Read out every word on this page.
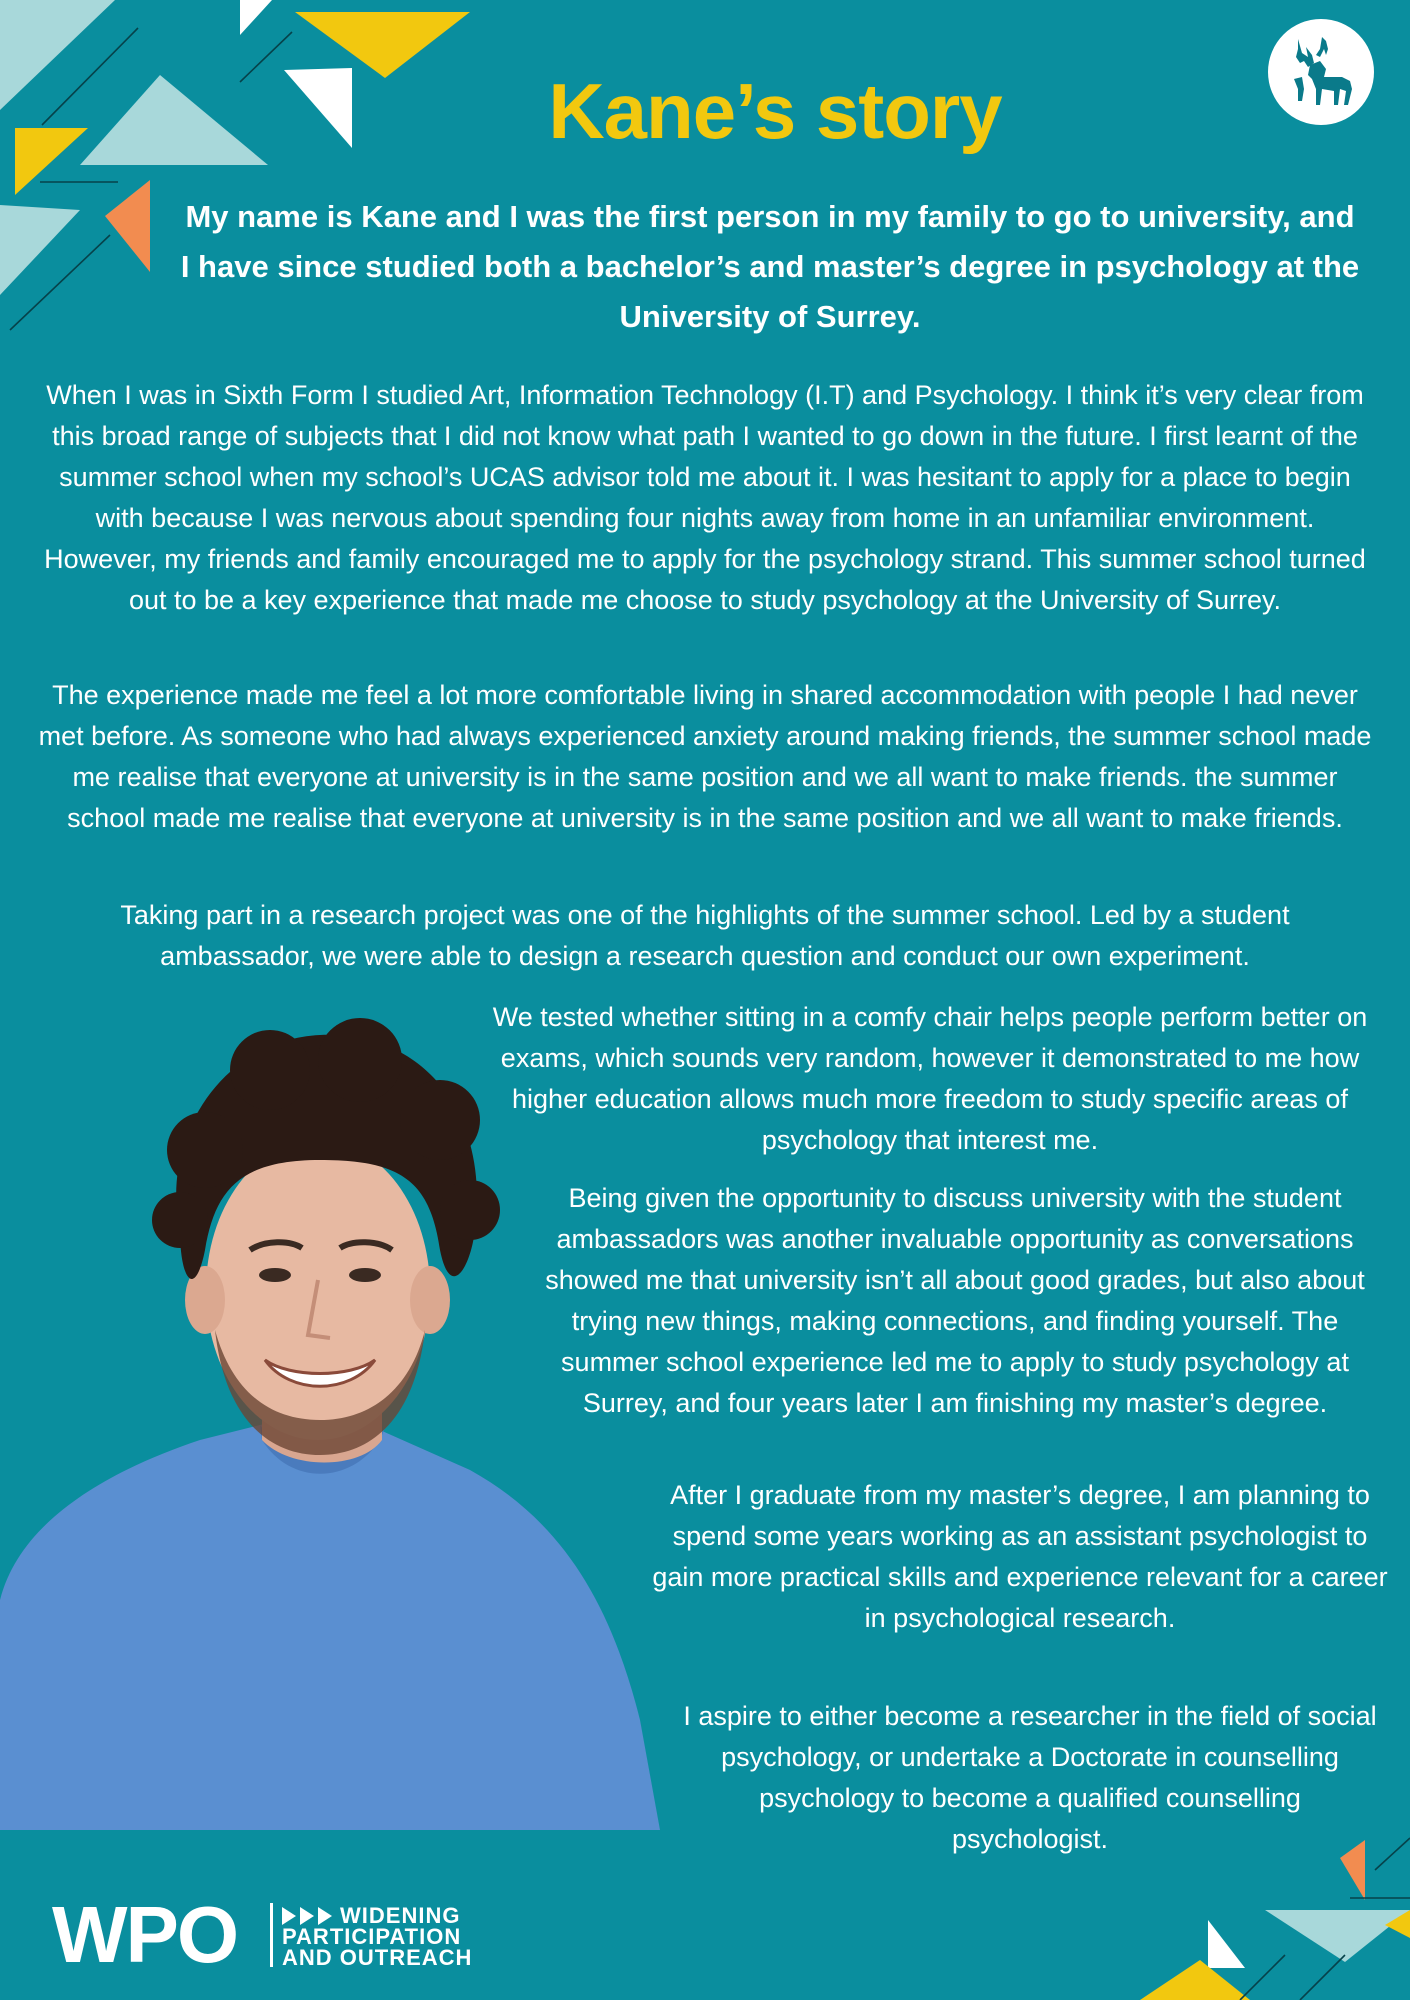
Kane’s story

My name is Kane and I was the first person in my family to go to university, and I have since studied both a bachelor’s and master’s degree in psychology at the University of Surrey.

When I was in Sixth Form I studied Art, Information Technology (I.T) and Psychology. I think it’s very clear from this broad range of subjects that I did not know what path I wanted to go down in the future. I first learnt of the summer school when my school’s UCAS advisor told me about it. I was hesitant to apply for a place to begin with because I was nervous about spending four nights away from home in an unfamiliar environment. However, my friends and family encouraged me to apply for the psychology strand. This summer school turned out to be a key experience that made me choose to study psychology at the University of Surrey.

The experience made me feel a lot more comfortable living in shared accommodation with people I had never met before. As someone who had always experienced anxiety around making friends, the summer school made me realise that everyone at university is in the same position and we all want to make friends. the summer school made me realise that everyone at university is in the same position and we all want to make friends.

Taking part in a research project was one of the highlights of the summer school. Led by a student ambassador, we were able to design a research question and conduct our own experiment.

We tested whether sitting in a comfy chair helps people perform better on exams, which sounds very random, however it demonstrated to me how higher education allows much more freedom to study specific areas of psychology that interest me.

Being given the opportunity to discuss university with the student ambassadors was another invaluable opportunity as conversations showed me that university isn’t all about good grades, but also about trying new things, making connections, and finding yourself. The summer school experience led me to apply to study psychology at Surrey, and four years later I am finishing my master’s degree.

After I graduate from my master’s degree, I am planning to spend some years working as an assistant psychologist to gain more practical skills and experience relevant for a career in psychological research.

I aspire to either become a researcher in the field of social psychology, or undertake a Doctorate in counselling psychology to become a qualified counselling psychologist.

WPO	WIDENING
PARTICIPATION
AND OUTREACH
